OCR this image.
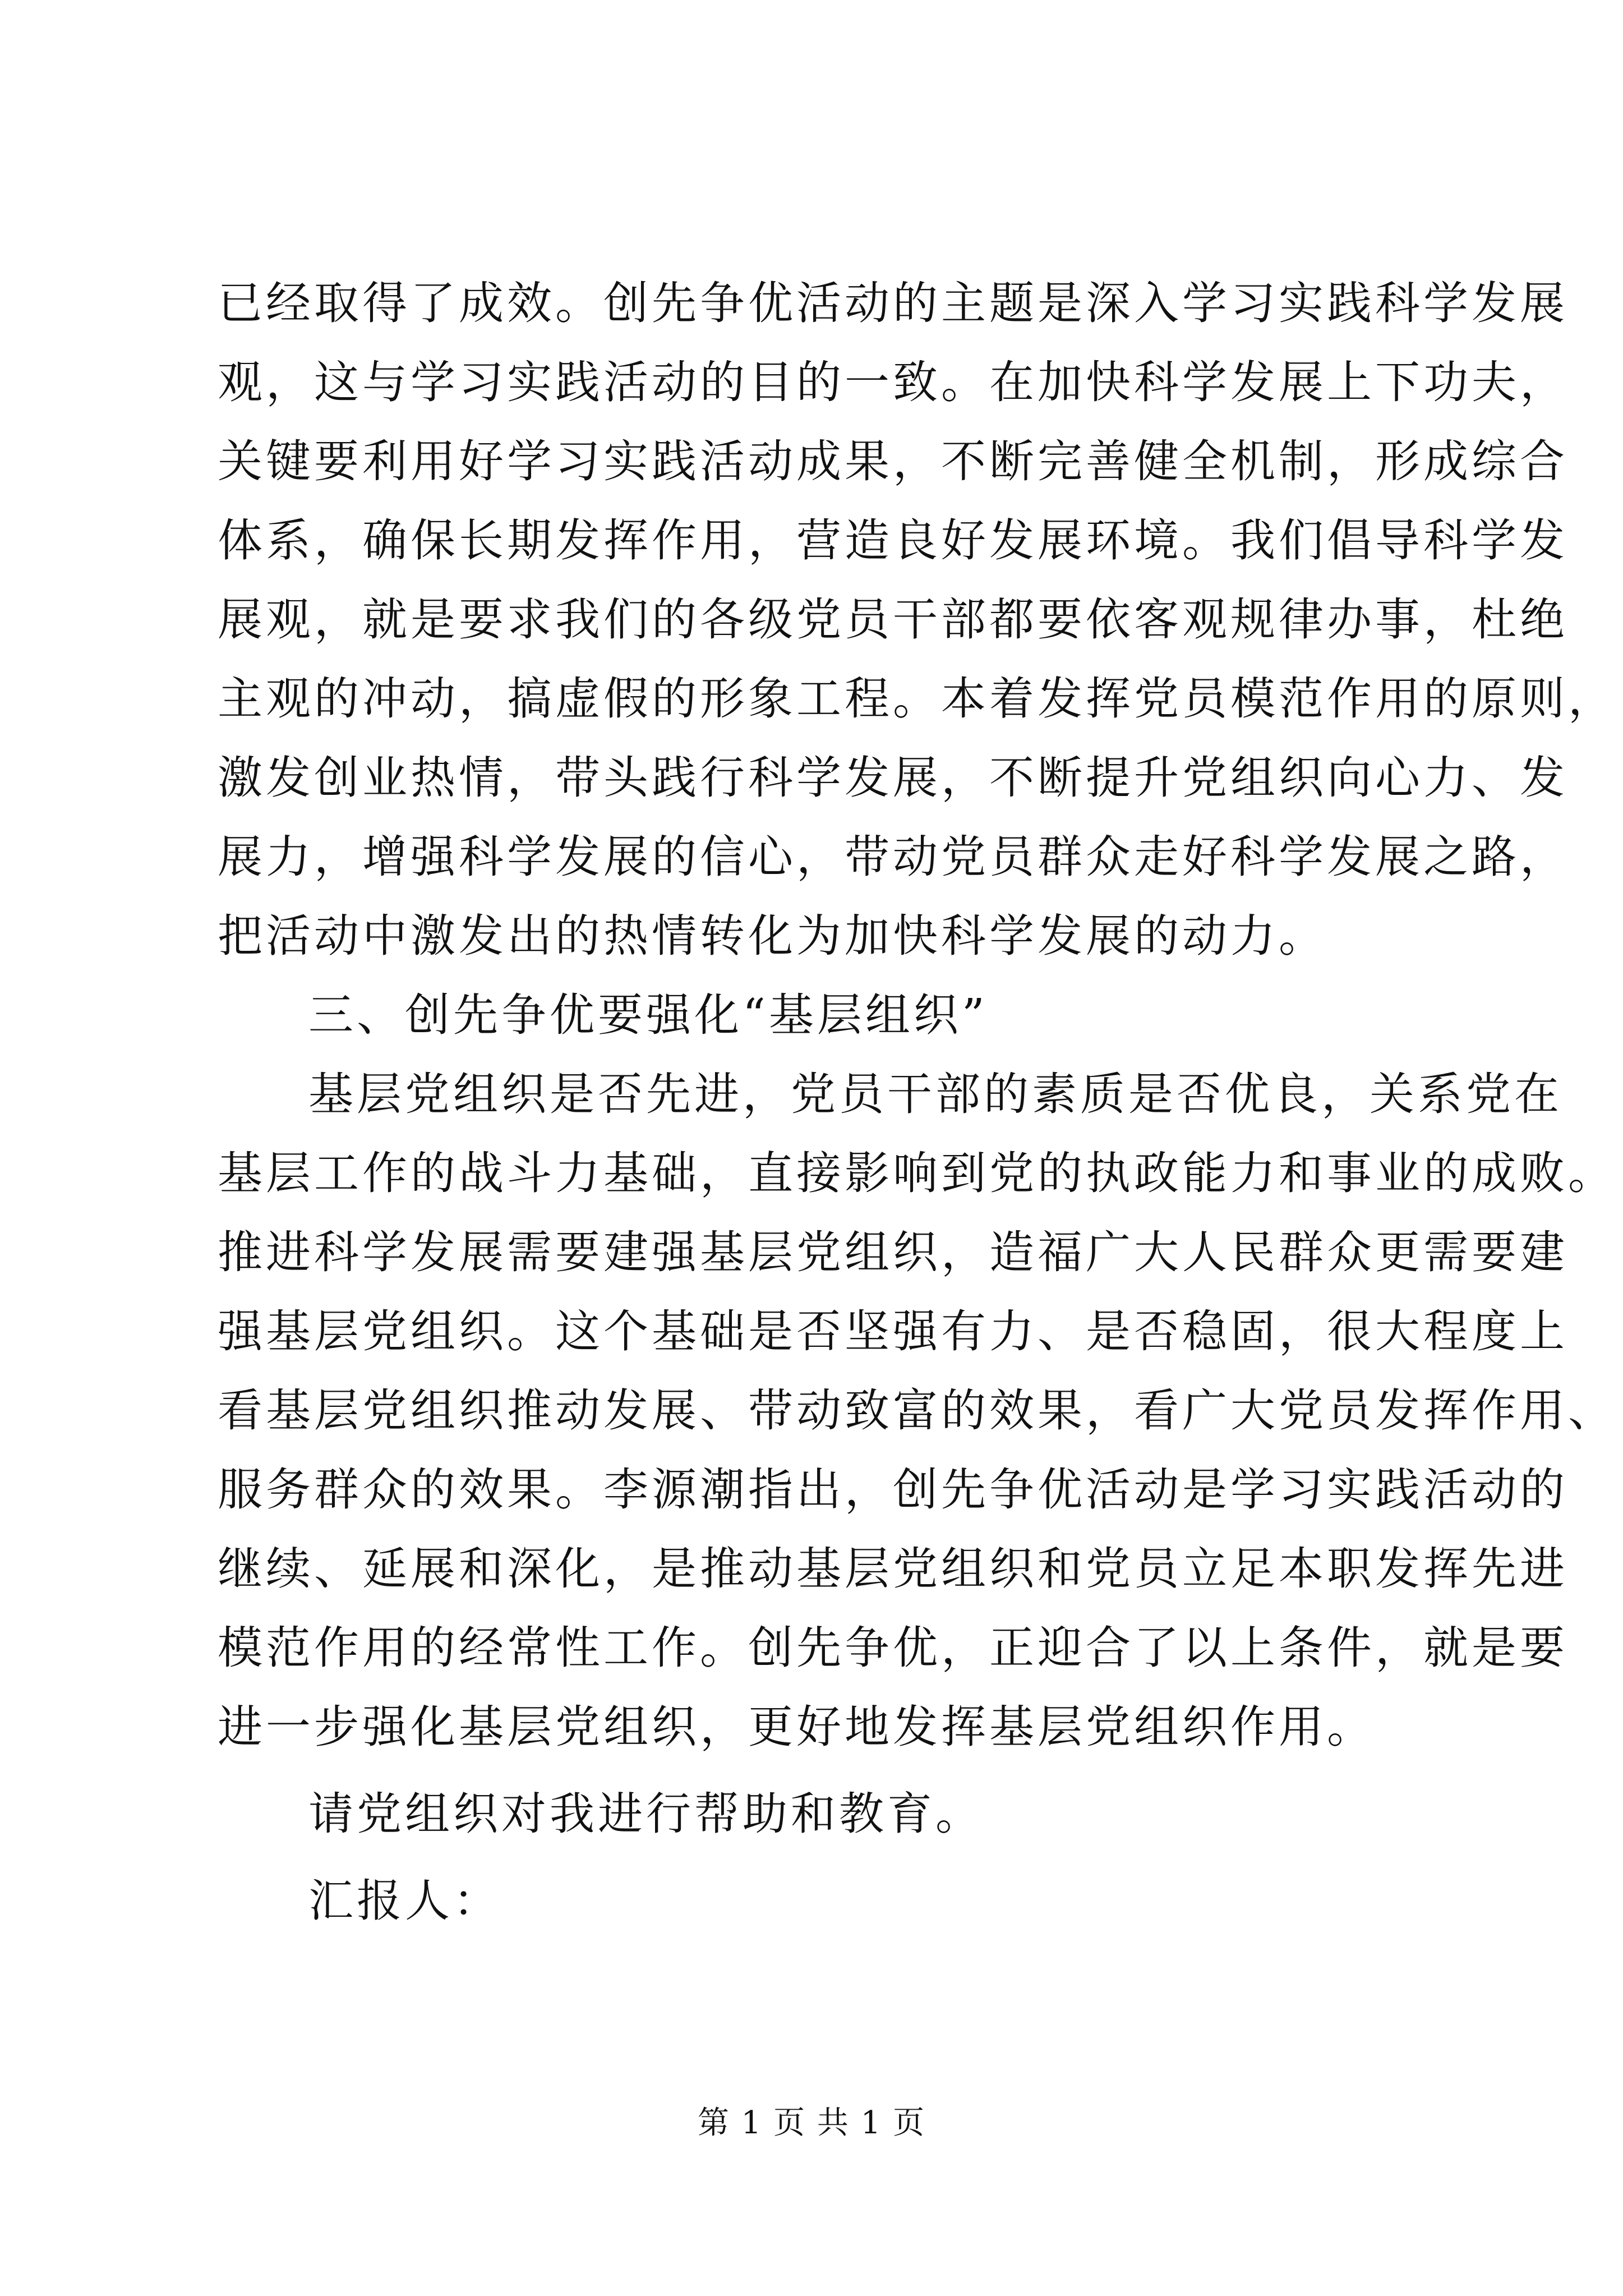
已经取得了成效。创先争优活动的主题是深入学习实践科学发展
观，这与学习实践活动的目的一致。在加快科学发展上下功夫，
关键要利用好学习实践活动成果，不断完善健全机制，形成综合
体系，确保长期发挥作用，营造良好发展环境。我们倡导科学发
展观，就是要求我们的各级党员干部都要依客观规律办事，杜绝
主观的冲动，搞虚假的形象工程。本着发挥党员模范作用的原则，
激发创业热情，带头践行科学发展，不断提升党组织向心力、发
展力，增强科学发展的信心，带动党员群众走好科学发展之路，
把活动中激发出的热情转化为加快科学发展的动力。
三、创先争优要强化“基层组织”
基层党组织是否先进，党员干部的素质是否优良，关系党在
基层工作的战斗力基础，直接影响到党的执政能力和事业的成败。
推进科学发展需要建强基层党组织，造福广大人民群众更需要建
强基层党组织。这个基础是否坚强有力、是否稳固，很大程度上
看基层党组织推动发展、带动致富的效果，看广大党员发挥作用、
服务群众的效果。李源潮指出，创先争优活动是学习实践活动的
继续、延展和深化，是推动基层党组织和党员立足本职发挥先进
模范作用的经常性工作。创先争优，正迎合了以上条件，就是要
进一步强化基层党组织，更好地发挥基层党组织作用。
请党组织对我进行帮助和教育。
汇报人：
第 1 页 共 1 页
